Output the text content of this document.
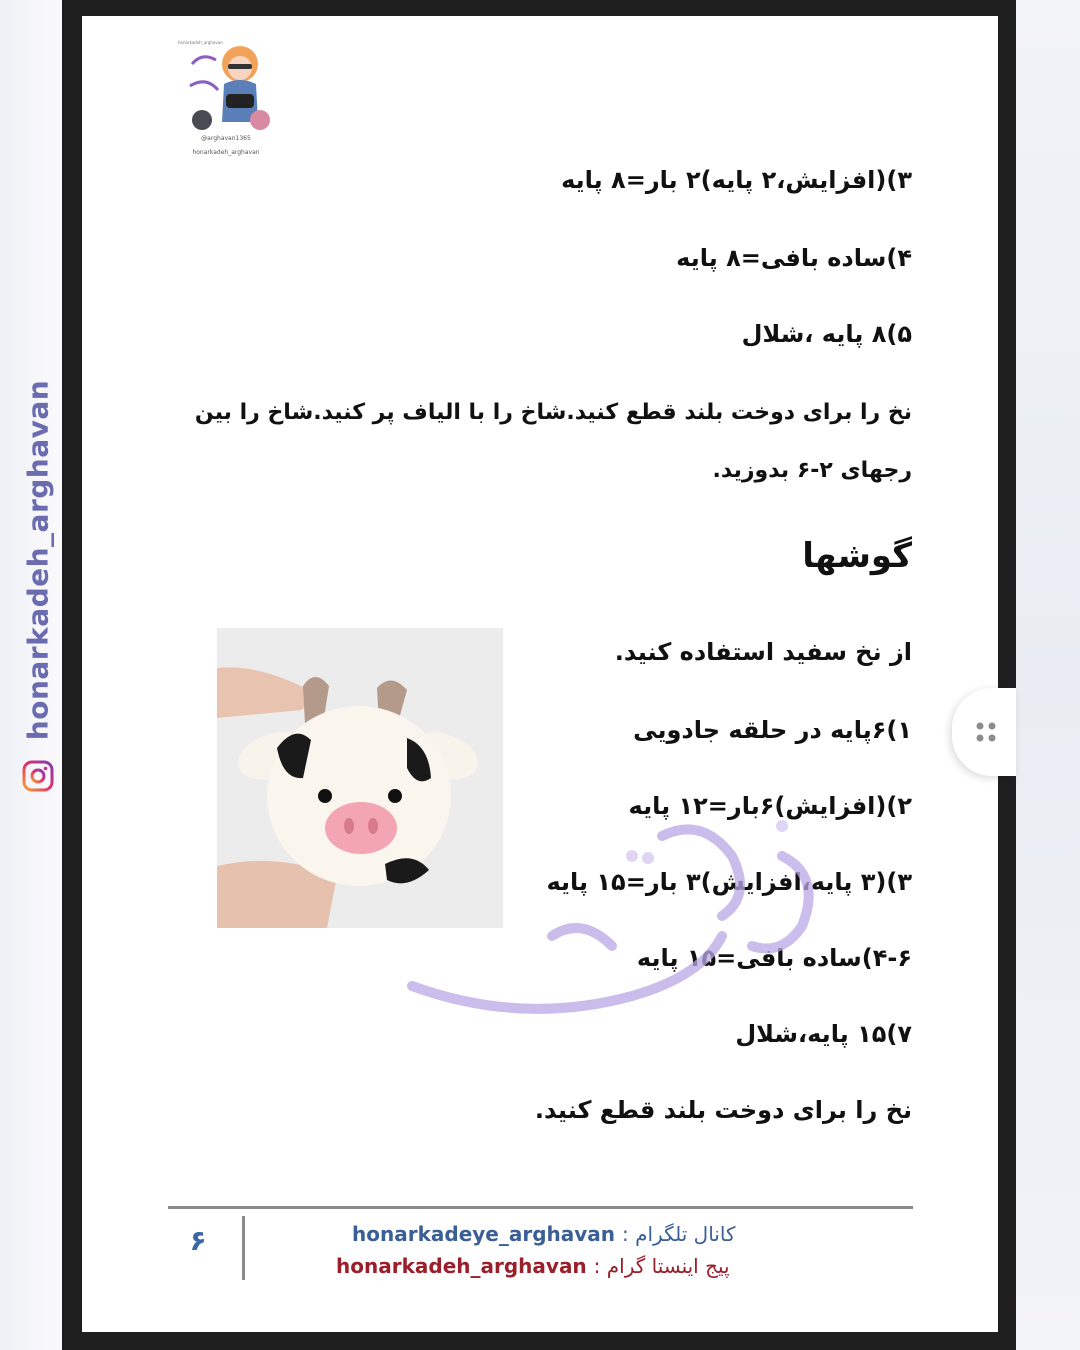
honarkadeh_arghavan
@arghavan1365
honarkadeh_arghavan
honarkadeh_arghavan
۳)(افزایش،۲ پایه)۲ بار=۸ پایه
۴)ساده بافی=۸ پایه
۵)۸ پایه ،شلال
نخ را برای دوخت بلند قطع کنید.شاخ را با الیاف پر کنید.شاخ را بین
رجهای ۲-۶ بدوزید.
گوشها
از نخ سفید استفاده کنید.
۱)۶پایه در حلقه جادویی
۲)(افزایش)۶بار=۱۲ پایه
۳)(۳ پایه،افزایش)۳ بار=۱۵ پایه
۴-۶)ساده بافی=۱۵ پایه
۷)۱۵ پایه،شلال
نخ را برای دوخت بلند قطع کنید.
۶	honarkadeye_arghavan کانال تلگرام :
honarkadeh_arghavan پیج اینستا گرام :
